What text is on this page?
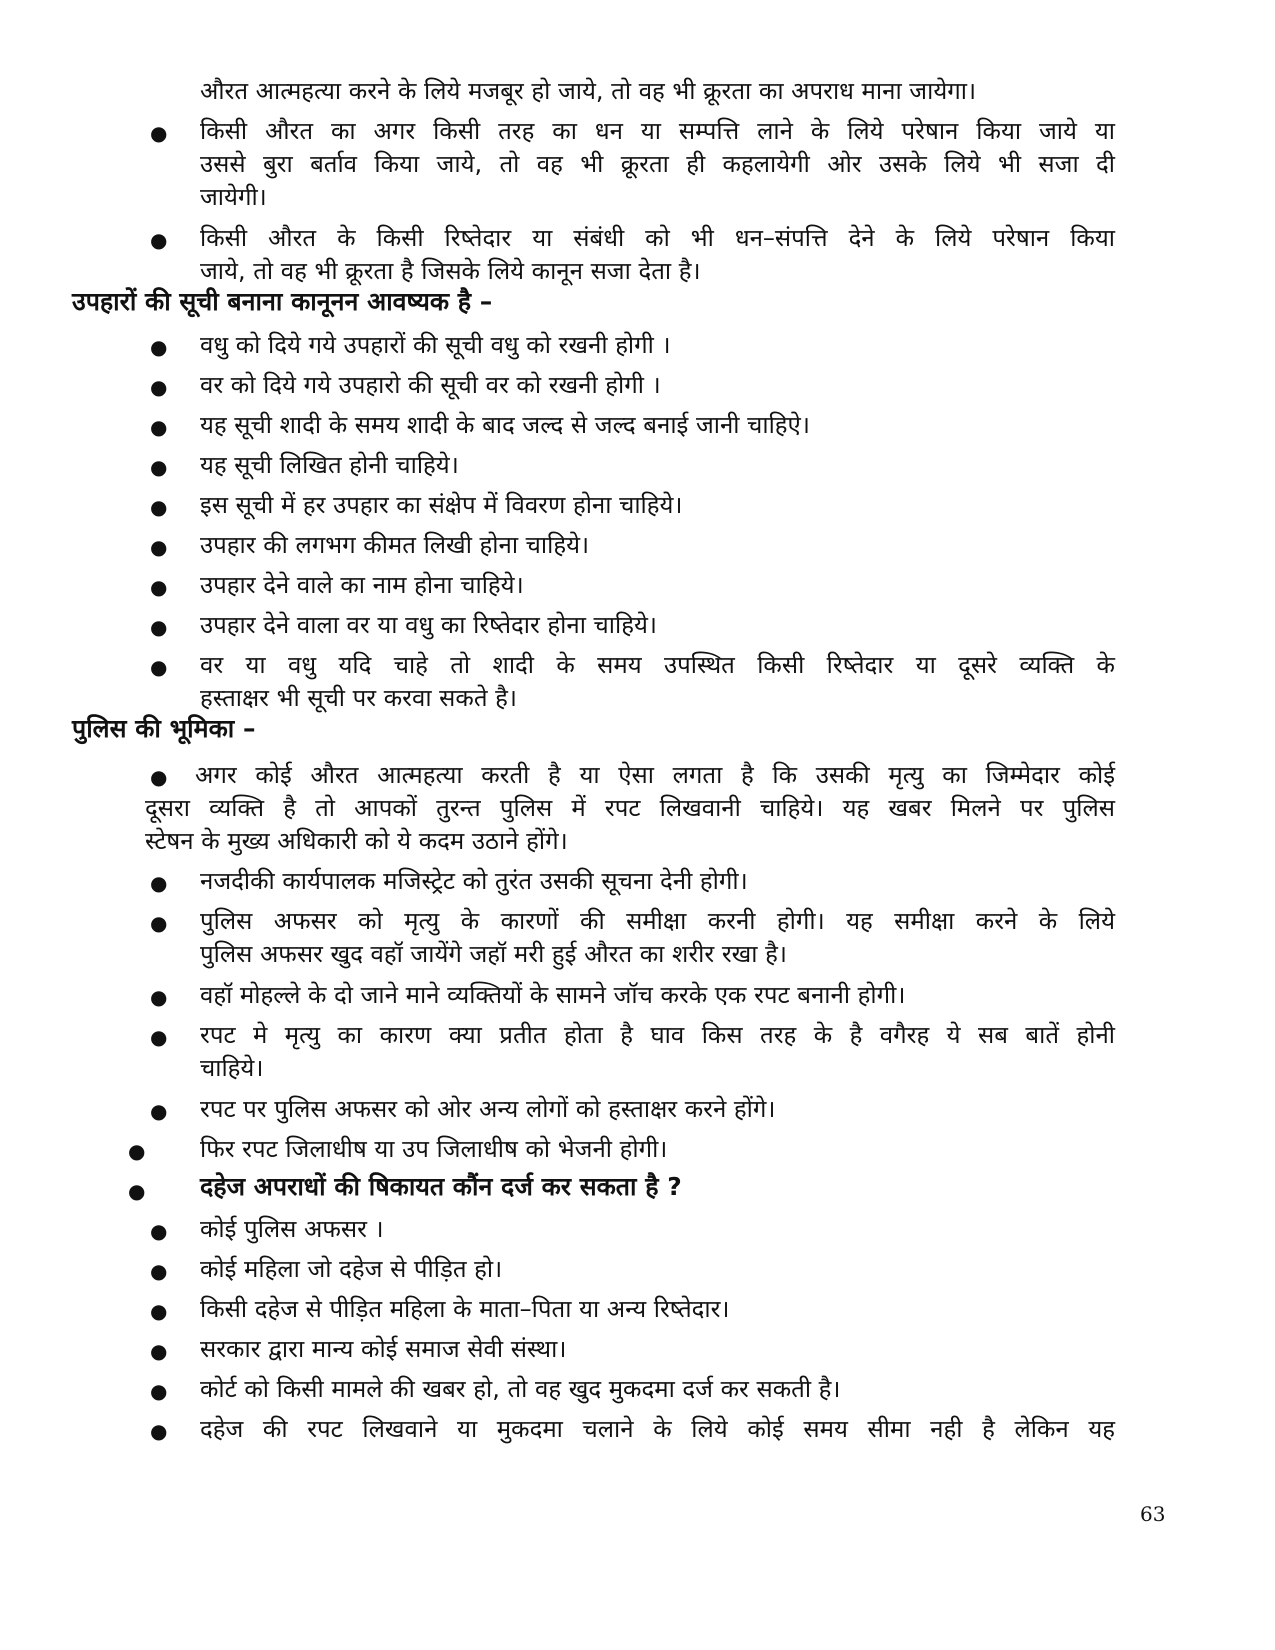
औरत आत्महत्या करने के लिये मजबूर हो जाये, तो वह भी क्रूरता का अपराध माना जायेगा।
● किसी औरत का अगर किसी तरह का धन या सम्पत्ति लाने के लिये परेषान किया जाये या
उससे बुरा बर्ताव किया जाये, तो वह भी क्रूरता ही कहलायेगी ओर उसके लिये भी सजा दी
जायेगी।
● किसी औरत के किसी रिष्तेदार या संबंधी को भी धन–संपत्ति देने के लिये परेषान किया
जाये, तो वह भी क्रूरता है जिसके लिये कानून सजा देता है।
उपहारों की सूची बनाना कानूनन आवष्यक है –
● वधु को दिये गये उपहारों की सूची वधु को रखनी होगी ।
● वर को दिये गये उपहारो की सूची वर को रखनी होगी ।
● यह सूची शादी के समय शादी के बाद जल्द से जल्द बनाई जानी चाहिऐ।
● यह सूची लिखित होनी चाहिये।
● इस सूची में हर उपहार का संक्षेप में विवरण होना चाहिये।
● उपहार की लगभग कीमत लिखी होना चाहिये।
● उपहार देने वाले का नाम होना चाहिये।
● उपहार देने वाला वर या वधु का रिष्तेदार होना चाहिये।
● वर या वधु यदि चाहे तो शादी के समय उपस्थित किसी रिष्तेदार या दूसरे व्यक्ति के
हस्ताक्षर भी सूची पर करवा सकते है।
पुलिस की भूमिका –
● अगर कोई औरत आत्महत्या करती है या ऐसा लगता है कि उसकी मृत्यु का जिम्मेदार कोई
दूसरा व्यक्ति है तो आपकों तुरन्त पुलिस में रपट लिखवानी चाहिये। यह खबर मिलने पर पुलिस
स्टेषन के मुख्य अधिकारी को ये कदम उठाने होंगे।
● नजदीकी कार्यपालक मजिस्ट्रेट को तुरंत उसकी सूचना देनी होगी।
● पुलिस अफसर को मृत्यु के कारणों की समीक्षा करनी होगी। यह समीक्षा करने के लिये
पुलिस अफसर खुद वहॉ जायेंगे जहॉ मरी हुई औरत का शरीर रखा है।
● वहॉ मोहल्ले के दो जाने माने व्यक्तियों के सामने जॉच करके एक रपट बनानी होगी।
● रपट मे मृत्यु का कारण क्या प्रतीत होता है घाव किस तरह के है वगैरह ये सब बातें होनी
चाहिये।
● रपट पर पुलिस अफसर को ओर अन्य लोगों को हस्ताक्षर करने होंगे।
● फिर रपट जिलाधीष या उप जिलाधीष को भेजनी होगी।
● दहेज अपराधों की षिकायत कौंन दर्ज कर सकता है ?
● कोई पुलिस अफसर ।
● कोई महिला जो दहेज से पीड़ित हो।
● किसी दहेज से पीड़ित महिला के माता–पिता या अन्य रिष्तेदार।
● सरकार द्वारा मान्य कोई समाज सेवी संस्था।
● कोर्ट को किसी मामले की खबर हो, तो वह खुद मुकदमा दर्ज कर सकती है।
● दहेज की रपट लिखवाने या मुकदमा चलाने के लिये कोई समय सीमा नही है लेकिन यह
63
